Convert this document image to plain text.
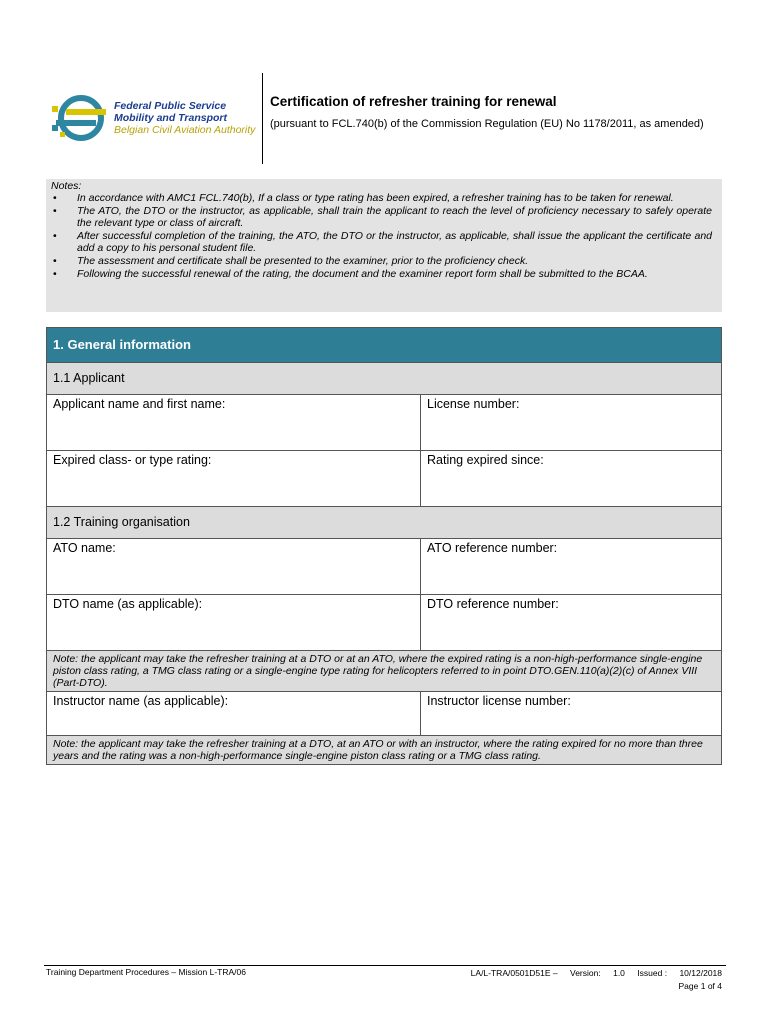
Federal Public Service
Mobility and Transport
Belgian Civil Aviation Authority
Certification of refresher training for renewal
(pursuant to FCL.740(b) of the Commission Regulation (EU) No 1178/2011, as amended)
Notes:
• In accordance with AMC1 FCL.740(b), If a class or type rating has been expired, a refresher training has to be taken for renewal.
• The ATO, the DTO or the instructor, as applicable, shall train the applicant to reach the level of proficiency necessary to safely operate the relevant type or class of aircraft.
• After successful completion of the training, the ATO, the DTO or the instructor, as applicable, shall issue the applicant the certificate and add a copy to his personal student file.
• The assessment and certificate shall be presented to the examiner, prior to the proficiency check.
• Following the successful renewal of the rating, the document and the examiner report form shall be submitted to the BCAA.
1. General information
1.1 Applicant
Applicant name and first name:	License number:
Expired class- or type rating:	Rating expired since:
1.2 Training organisation
ATO name:	ATO reference number:
DTO name (as applicable):	DTO reference number:
Note: the applicant may take the refresher training at a DTO or at an ATO, where the expired rating is a non-high-performance single-engine piston class rating, a TMG class rating or a single-engine type rating for helicopters referred to in point DTO.GEN.110(a)(2)(c) of Annex VIII (Part-DTO).
Instructor name (as applicable):	Instructor license number:
Note: the applicant may take the refresher training at a DTO, at an ATO or with an instructor, where the rating expired for no more than three years and the rating was a non-high-performance single-engine piston class rating or a TMG class rating.
Training Department Procedures – Mission L-TRA/06	LA/L-TRA/0501D51E – Version: 1.0 Issued : 10/12/2018
Page 1 of 4
